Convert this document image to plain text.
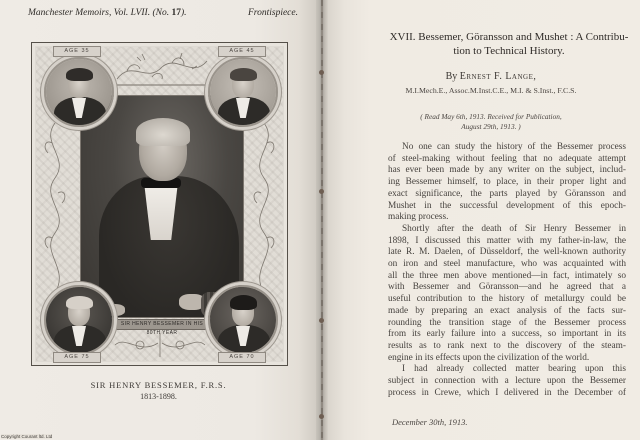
Manchester Memoirs, Vol. LVII. (No. 17).	Frontispiece.
SIR HENRY BESSEMER IN HIS 80TH YEAR
AGE 35	AGE 45
AGE 75	AGE 70
SIR HENRY BESSEMER, F.R.S.
1813-1898.
Copyright Courant ltd. Ltd
XVII. Bessemer, Göransson and Mushet : A Contribu-
tion to Technical History.
By Ernest F. Lange,
M.I.Mech.E., Assoc.M.Inst.C.E., M.I. & S.Inst., F.C.S.
( Read May 6th, 1913. Received for Publication,
August 29th, 1913. )
No one can study the history of the Bessemer process
of steel-making without feeling that no adequate attempt
has ever been made by any writer on the subject, includ-
ing Bessemer himself, to place, in their proper light and
exact significance, the parts played by Göransson and
Mushet in the successful development of this epoch-
making process.
Shortly after the death of Sir Henry Bessemer in
1898, I discussed this matter with my father-in-law, the
late R. M. Daelen, of Düsseldorf, the well-known authority
on iron and steel manufacture, who was acquainted with
all the three men above mentioned—in fact, intimately so
with Bessemer and Göransson—and he agreed that a
useful contribution to the history of metallurgy could be
made by preparing an exact analysis of the facts sur-
rounding the transition stage of the Bessemer process
from its early failure into a success, so important in its
results as to rank next to the discovery of the steam-
engine in its effects upon the civilization of the world.
I had already collected matter bearing upon this
subject in connection with a lecture upon the Bessemer
process in Crewe, which I delivered in the December of
December 30th, 1913.
